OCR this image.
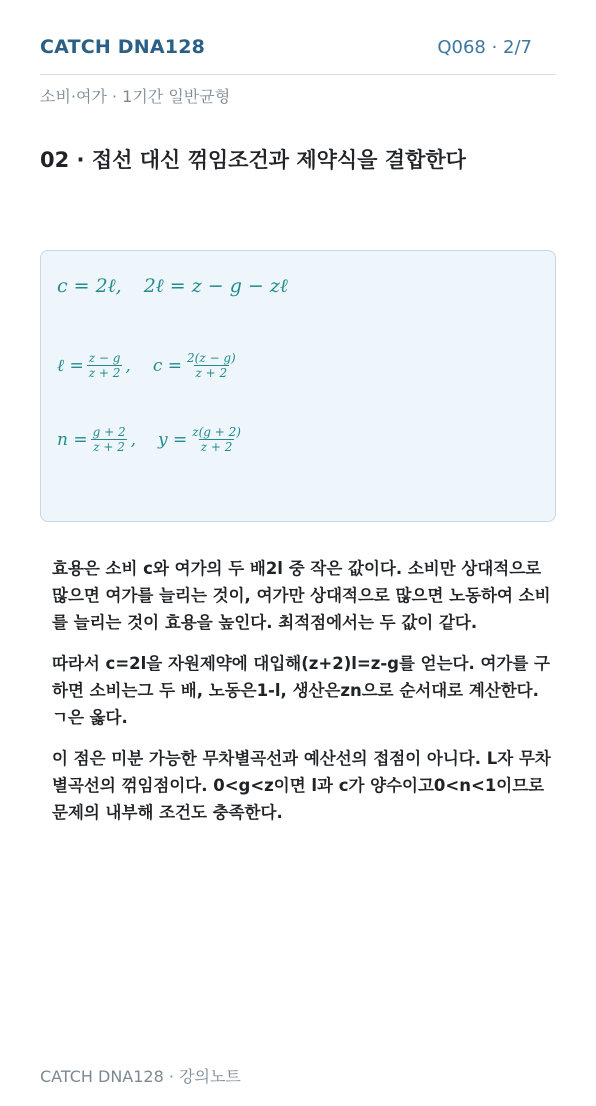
CATCH DNA128	Q068 · 2/7
소비·여가 · 1기간 일반균형
02 · 접선 대신 꺾임조건과 제약식을 결합한다
c = 2ℓ, 2ℓ = z − g − zℓ
ℓ = $\frac{z - g}{z + 2}$ , $c = \frac{2(z - g)}{z + 2}$
$n = \frac{g + 2}{z + 2}$ , $y = \frac{z(g + 2)}{z + 2}$
효용은 소비 c와 여가의 두 배2l 중 작은 값이다. 소비만 상대적으로 많으면 여가를 늘리는 것이, 여가만 상대적으로 많으면 노동하여 소비를 늘리는 것이 효용을 높인다. 최적점에서는 두 값이 같다.
따라서 c=2l을 자원제약에 대입해(z+2)l=z-g를 얻는다. 여가를 구하면 소비는그 두 배, 노동은1-l, 생산은zn으로 순서대로 계산한다. ㄱ은 옳다.
이 점은 미분 가능한 무차별곡선과 예산선의 접점이 아니다. L자 무차별곡선의 꺾임점이다. 0<g<z이면 l과 c가 양수이고0<n<1이므로 문제의 내부해 조건도 충족한다.
CATCH DNA128 · 강의노트
